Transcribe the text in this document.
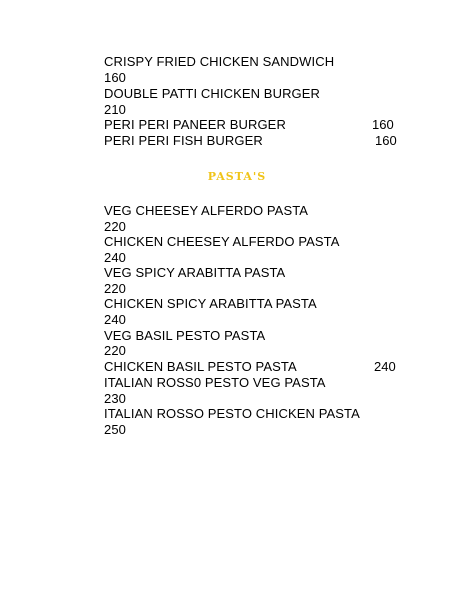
CRISPY FRIED CHICKEN SANDWICH
160
DOUBLE PATTI CHICKEN BURGER
210
PERI PERI PANEER BURGER	160
PERI PERI FISH BURGER	160
PASTA'S
VEG CHEESEY ALFERDO PASTA
220
CHICKEN CHEESEY ALFERDO PASTA
240
VEG SPICY ARABITTA PASTA
220
CHICKEN SPICY ARABITTA PASTA
240
VEG BASIL PESTO PASTA
220
CHICKEN BASIL PESTO PASTA	240
ITALIAN ROSS0 PESTO VEG PASTA
230
ITALIAN ROSSO PESTO CHICKEN PASTA
250
